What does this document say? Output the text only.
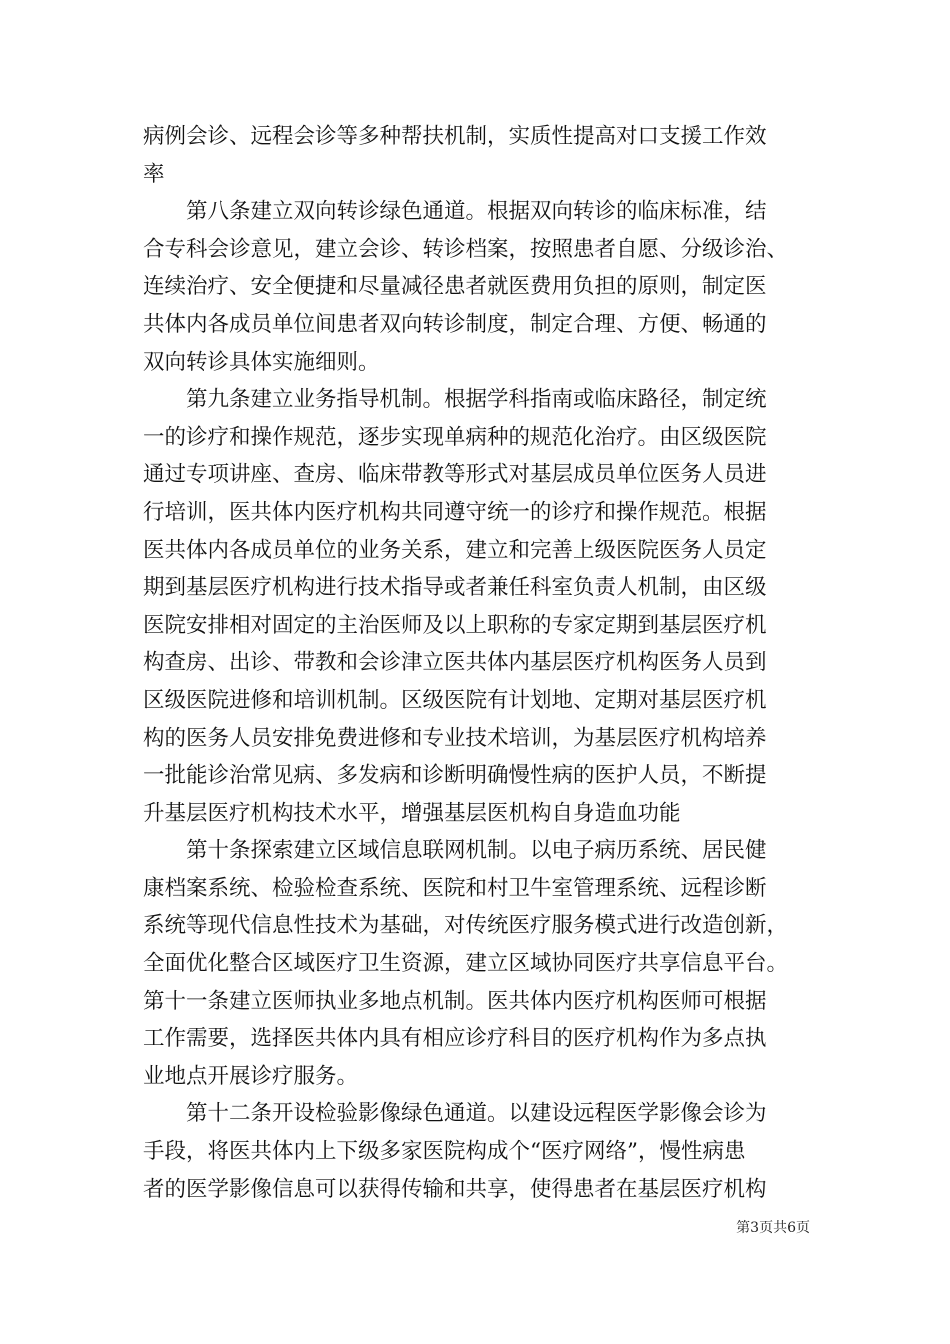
病例会诊、远程会诊等多种帮扶机制，实质性提高对口支援工作效
率
　　第八条建立双向转诊绿色通道。根据双向转诊的临床标准，结
合专科会诊意见，建立会诊、转诊档案，按照患者自愿、分级诊治、
连续治疗、安全便捷和尽量减径患者就医费用负担的原则，制定医
共体内各成员单位间患者双向转诊制度，制定合理、方便、畅通的
双向转诊具体实施细则。
　　第九条建立业务指导机制。根据学科指南或临床路径，制定统
一的诊疗和操作规范，逐步实现单病种的规范化治疗。由区级医院
通过专项讲座、查房、临床带教等形式对基层成员单位医务人员进
行培训，医共体内医疗机构共同遵守统一的诊疗和操作规范。根据
医共体内各成员单位的业务关系，建立和完善上级医院医务人员定
期到基层医疗机构进行技术指导或者兼任科室负责人机制，由区级
医院安排相对固定的主治医师及以上职称的专家定期到基层医疗机
构查房、出诊、带教和会诊津立医共体内基层医疗机构医务人员到
区级医院进修和培训机制。区级医院有计划地、定期对基层医疗机
构的医务人员安排免费进修和专业技术培训，为基层医疗机构培养
一批能诊治常见病、多发病和诊断明确慢性病的医护人员，不断提
升基层医疗机构技术水平，增强基层医机构自身造血功能
　　第十条探索建立区域信息联网机制。以电子病历系统、居民健
康档案系统、检验检查系统、医院和村卫牛室管理系统、远程诊断
系统等现代信息性技术为基础，对传统医疗服务模式进行改造创新，
全面优化整合区域医疗卫生资源，建立区域协同医疗共享信息平台。
第十一条建立医师执业多地点机制。医共体内医疗机构医师可根据
工作需要，选择医共体内具有相应诊疗科目的医疗机构作为多点执
业地点开展诊疗服务。
　　第十二条开设检验影像绿色通道。以建设远程医学影像会诊为
手段，将医共体内上下级多家医院构成个“医疗网络”，慢性病患
者的医学影像信息可以获得传输和共享，使得患者在基层医疗机构
第3页共6页
